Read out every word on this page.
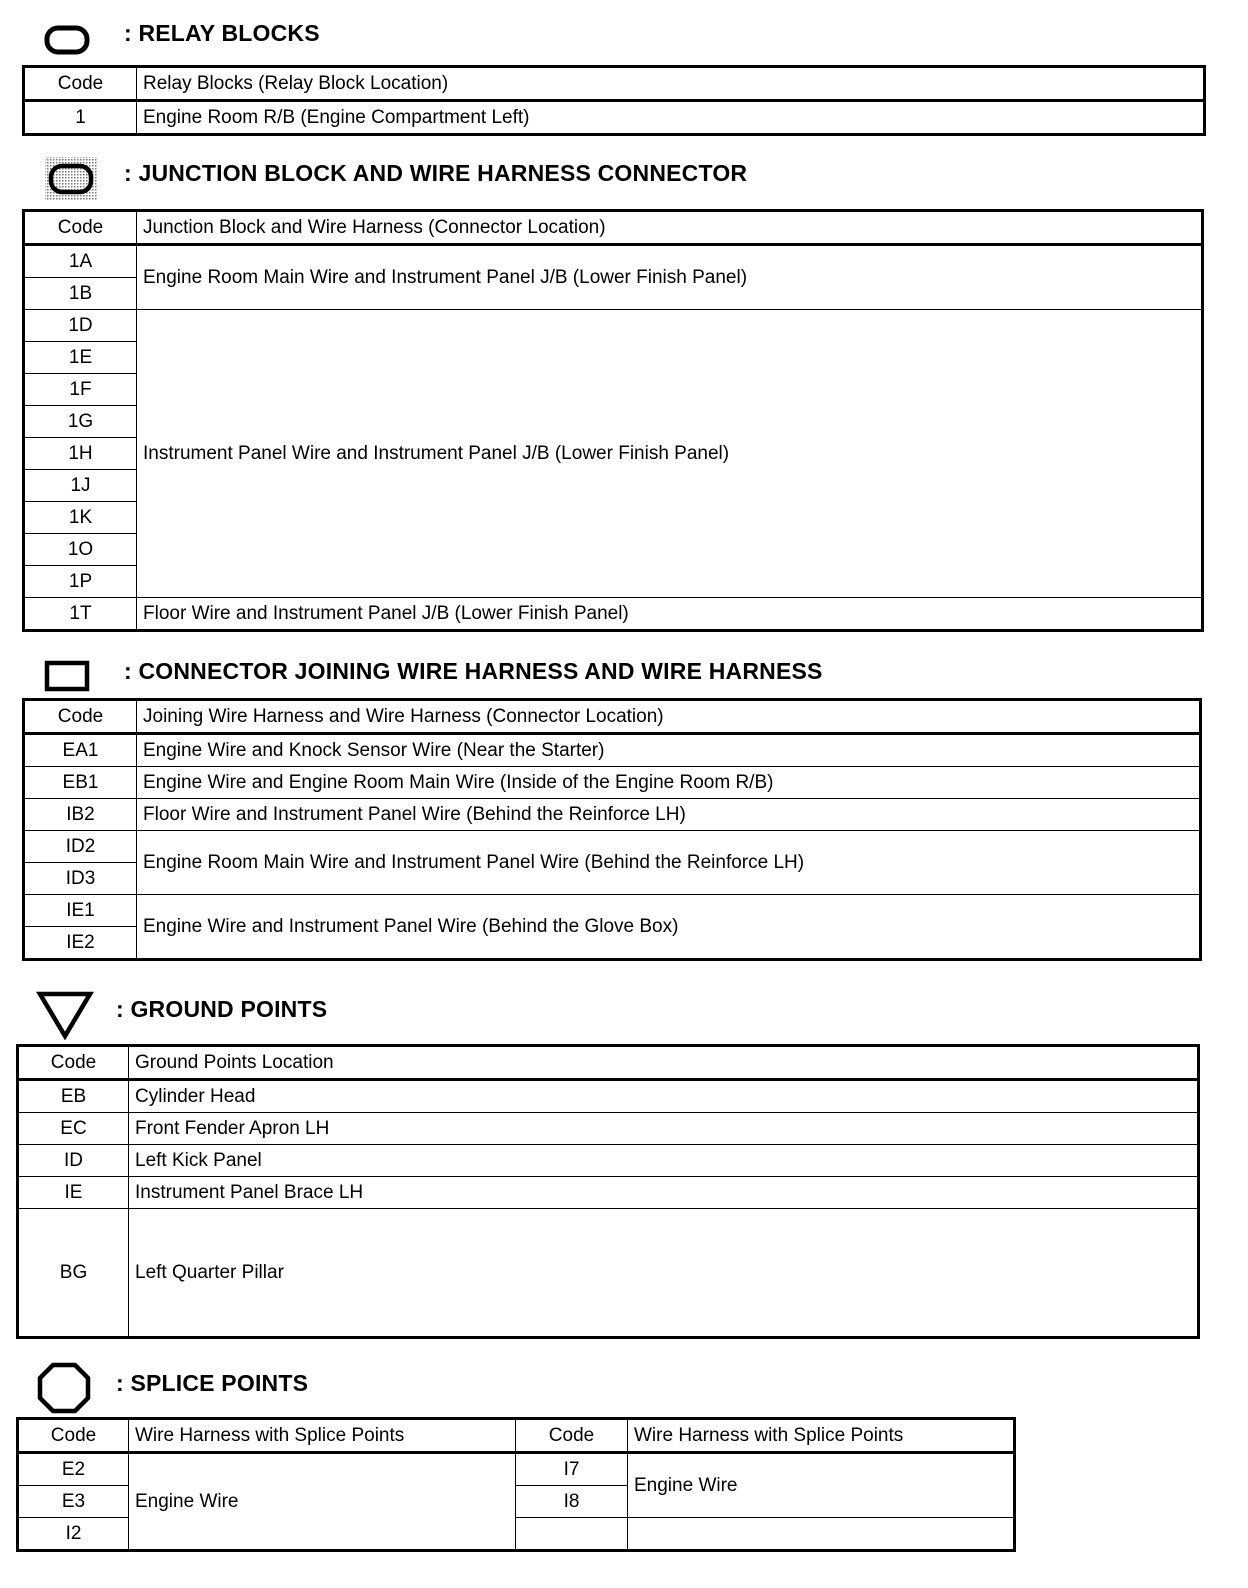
: RELAY BLOCKS
Code	Relay Blocks (Relay Block Location)
1	Engine Room R/B (Engine Compartment Left)
: JUNCTION BLOCK AND WIRE HARNESS CONNECTOR
Code	Junction Block and Wire Harness (Connector Location)
1A	Engine Room Main Wire and Instrument Panel J/B (Lower Finish Panel)
1B	
1D	Instrument Panel Wire and Instrument Panel J/B (Lower Finish Panel)
1E	
1F	
1G	
1H	
1J	
1K	
1O	
1P	
1T	Floor Wire and Instrument Panel J/B (Lower Finish Panel)
: CONNECTOR JOINING WIRE HARNESS AND WIRE HARNESS
Code	Joining Wire Harness and Wire Harness (Connector Location)
EA1	Engine Wire and Knock Sensor Wire (Near the Starter)
EB1	Engine Wire and Engine Room Main Wire (Inside of the Engine Room R/B)
IB2	Floor Wire and Instrument Panel Wire (Behind the Reinforce LH)
ID2	Engine Room Main Wire and Instrument Panel Wire (Behind the Reinforce LH)
ID3	
IE1	Engine Wire and Instrument Panel Wire (Behind the Glove Box)
IE2	
: GROUND POINTS
Code	Ground Points Location
EB	Cylinder Head
EC	Front Fender Apron LH
ID	Left Kick Panel
IE	Instrument Panel Brace LH
BG	Left Quarter Pillar
: SPLICE POINTS
Code	Wire Harness with Splice Points	Code	Wire Harness with Splice Points
E2	Engine Wire	I7	Engine Wire
E3		I8	
I2			
